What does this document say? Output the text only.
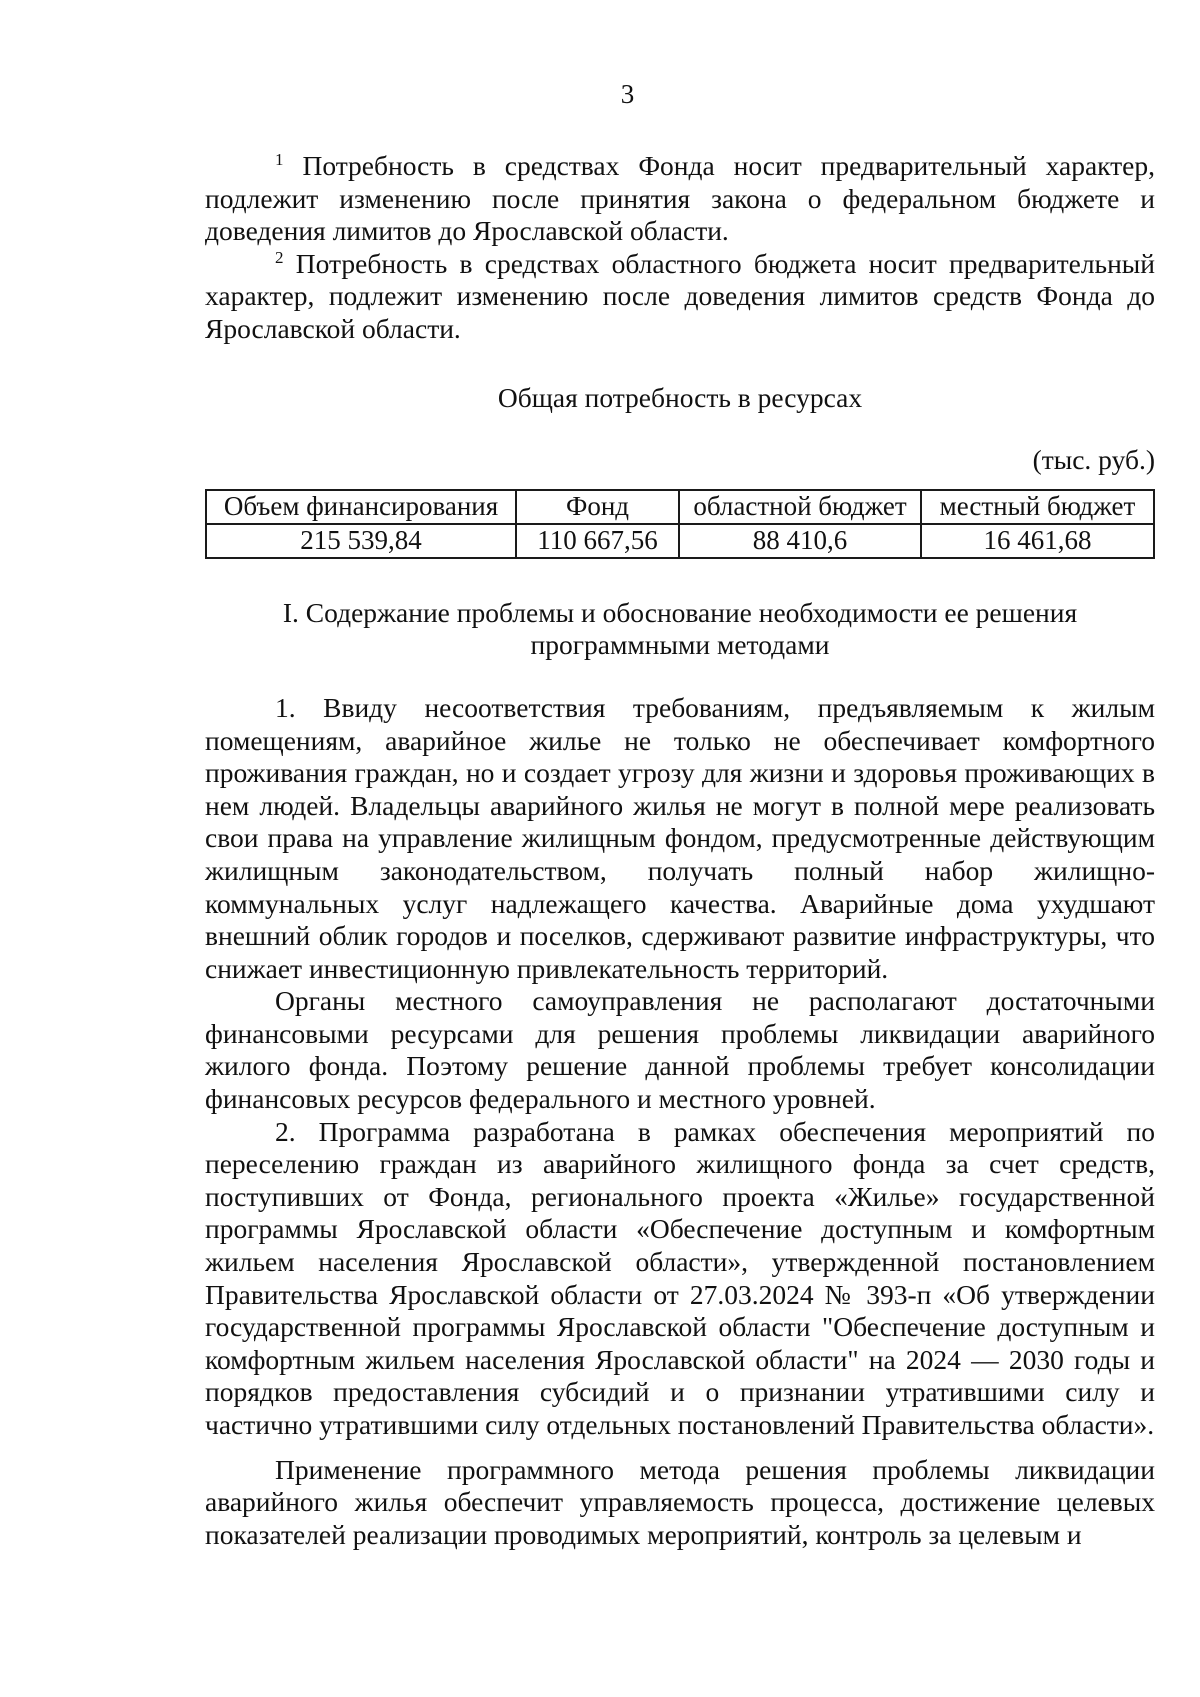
3

$^1$ Потребность в средствах Фонда носит предварительный характер, подлежит изменению после принятия закона о федеральном бюджете и доведения лимитов до Ярославской области.

$^2$ Потребность в средствах областного бюджета носит предварительный характер, подлежит изменению после доведения лимитов средств Фонда до Ярославской области.

Общая потребность в ресурсах

(тыс. руб.)

Объем финансирования	Фонд	областной бюджет	местный бюджет
215 539,84	110 667,56	88 410,6	16 461,68

I. Содержание проблемы и обоснование необходимости ее решения

программными методами

1. Ввиду несоответствия требованиям, предъявляемым к жилым помещениям, аварийное жилье не только не обеспечивает комфортного проживания граждан, но и создает угрозу для жизни и здоровья проживающих в нем людей. Владельцы аварийного жилья не могут в полной мере реализовать свои права на управление жилищным фондом, предусмотренные действующим жилищным законодательством, получать полный набор жилищно-коммунальных услуг надлежащего качества. Аварийные дома ухудшают внешний облик городов и поселков, сдерживают развитие инфраструктуры, что снижает инвестиционную привлекательность территорий.

Органы местного самоуправления не располагают достаточными финансовыми ресурсами для решения проблемы ликвидации аварийного жилого фонда. Поэтому решение данной проблемы требует консолидации финансовых ресурсов федерального и местного уровней.

2. Программа разработана в рамках обеспечения мероприятий по переселению граждан из аварийного жилищного фонда за счет средств, поступивших от Фонда, регионального проекта «Жилье» государственной программы Ярославской области «Обеспечение доступным и комфортным жильем населения Ярославской области», утвержденной постановлением Правительства Ярославской области от 27.03.2024 № 393-п «Об утверждении государственной программы Ярославской области "Обеспечение доступным и комфортным жильем населения Ярославской области" на 2024 — 2030 годы и порядков предоставления субсидий и о признании утратившими силу и частично утратившими силу отдельных постановлений Правительства области».

Применение программного метода решения проблемы ликвидации аварийного жилья обеспечит управляемость процесса, достижение целевых показателей реализации проводимых мероприятий, контроль за целевым и
